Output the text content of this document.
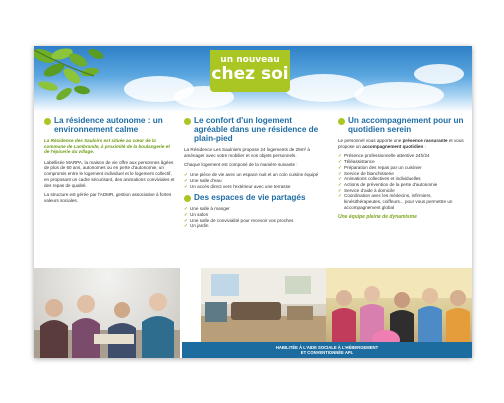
un nouveau
chez soi
La résidence autonome : un environnement calme

La Résidence des Sauloirs est située au cœur de la commune de Lambrande, à proximité de la boulangerie et de l'épicerie du village.

Labellisée MARPA, la maison de vie offre aux personnes âgées de plus de 60 ans, autonomes ou en perte d'autonomie, un compromis entre le logement individuel et le logement collectif, en proposant un cadre sécurisant, des animations conviviales et des repas de qualité.

La structure est gérée par l'ADMR, gestion associative à fortes valeurs sociales.

Le confort d'un logement agréable dans une résidence de plain-pied

La Résidence Les Saulniers propose 24 logements de 29m² à aménager avec votre mobilier et vos objets personnels.

Chaque logement est composé de la manière suivante :

✓ Une pièce de vie avec un espace nuit et un coin cuisine équipé
✓ Une salle d'eau
✓ Un accès direct vers l'extérieur avec une terrasse
Des espaces de vie partagés
✓ Une salle à manger
✓ Un salon
✓ Une salle de convivialité pour recevoir vos proches
✓ Un jardin
Un accompagnement pour un quotidien serein

Le personnel vous apporte une présence rassurante et vous propose un accompagnement quotidien :

✓ Présence professionnelle attentive 24h/24
✓ Téléassistance
✓ Préparation des repas par un cuisinier
✓ Service de blanchisserie
✓ Animations collectives et individuelles
✓ Actions de prévention de la perte d'autonomie
✓ Service d'aide à domicile
✓ Coordination avec les médecins, infirmiers, kinésithérapeutes, coiffeurs... pour vous permettre un accompagnement global

Une équipe pleine de dynamisme

HABILITÉE À L'AIDE SOCIALE À L'HÉBERGEMENT
ET CONVENTIONNÉE APL
